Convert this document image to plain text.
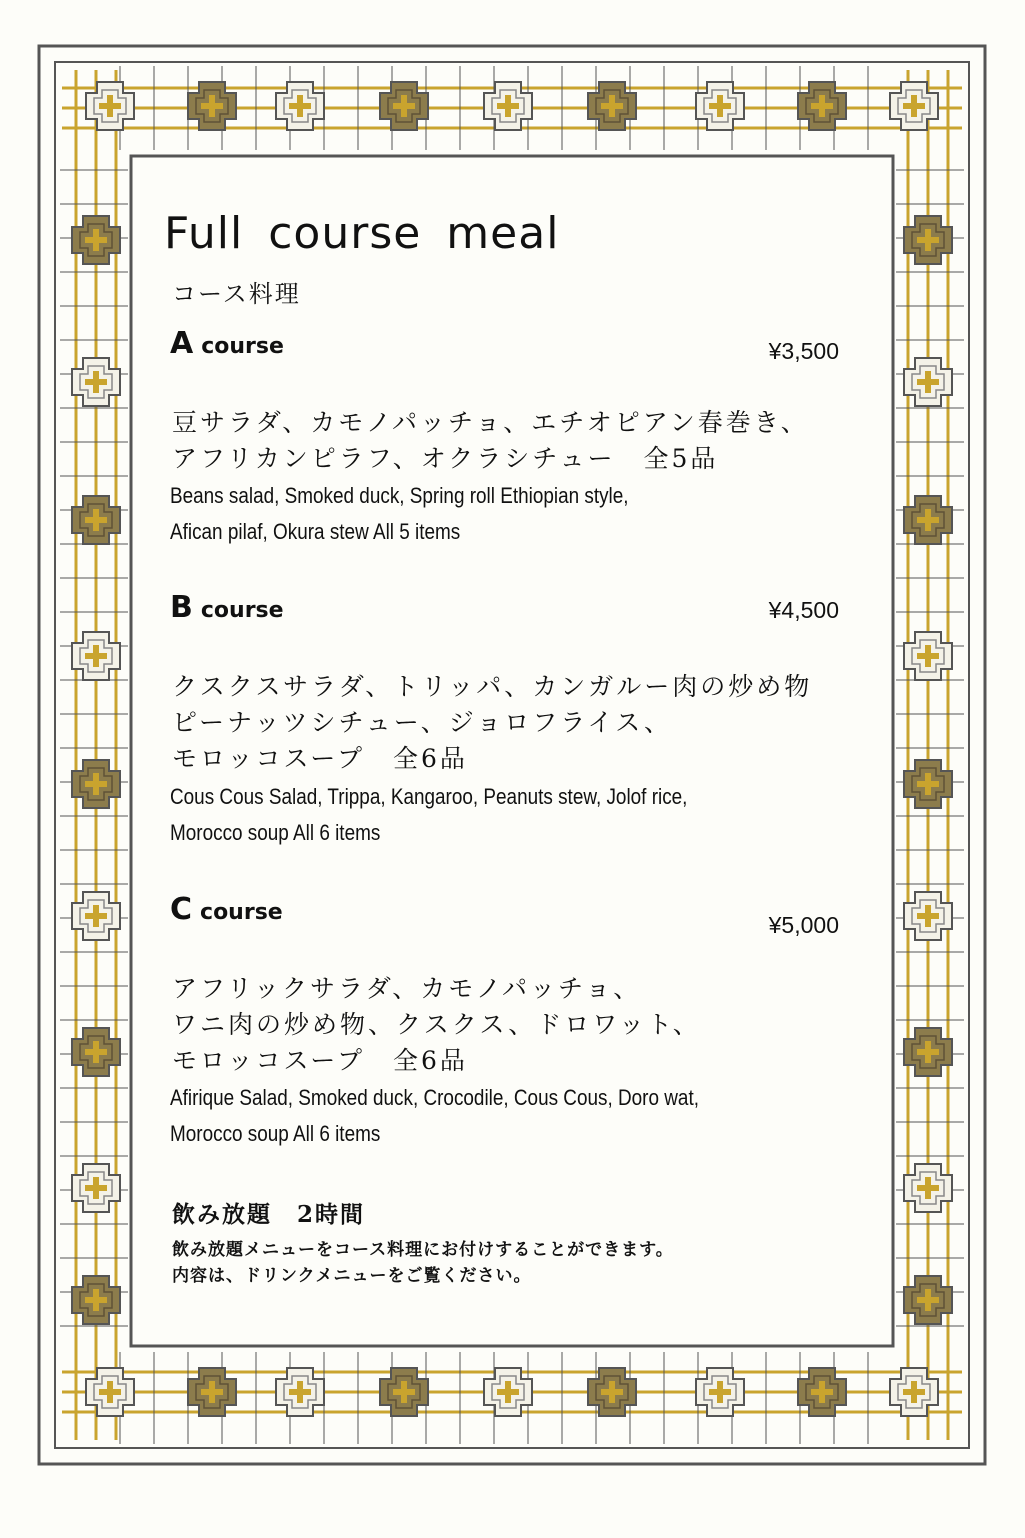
Full course meal
コース料理
A course	¥3,500
豆サラダ、カモノパッチョ、エチオピアン春巻き、
アフリカンピラフ、オクラシチュー　全5品
Beans salad, Smoked duck, Spring roll Ethiopian style,
Afican pilaf, Okura stew All 5 items
B course	¥4,500
クスクスサラダ、トリッパ、カンガルー肉の炒め物
ピーナッツシチュー、ジョロフライス、
モロッコスープ　全6品
Cous Cous Salad, Trippa, Kangaroo, Peanuts stew, Jolof rice,
Morocco soup All 6 items
C course	¥5,000
アフリックサラダ、カモノパッチョ、
ワニ肉の炒め物、クスクス、ドロワット、
モロッコスープ　全6品
Afirique Salad, Smoked duck, Crocodile, Cous Cous, Doro wat,
Morocco soup All 6 items
飲み放題　2時間
飲み放題メニューをコース料理にお付けすることができます。
内容は、ドリンクメニューをご覧ください。
